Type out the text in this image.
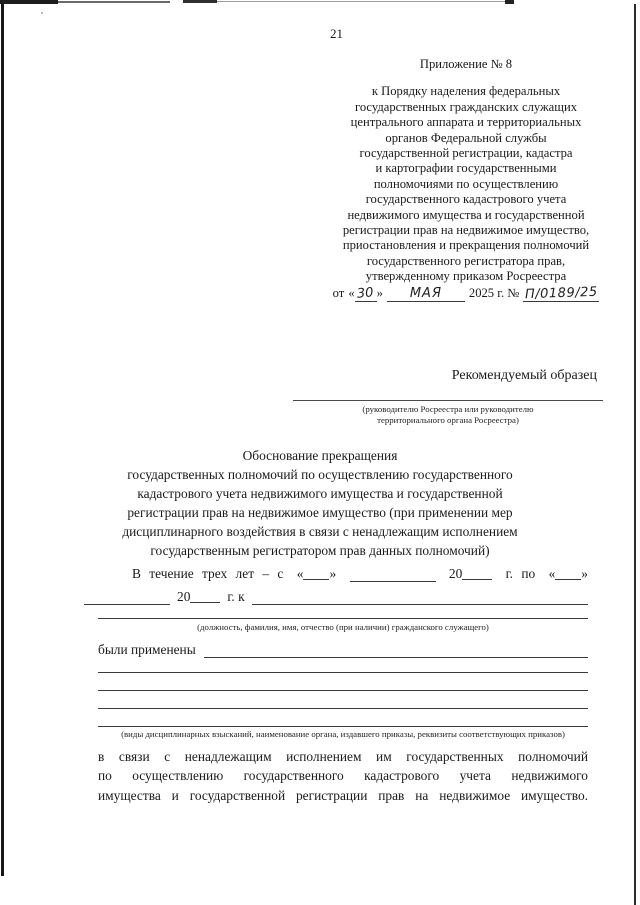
21
Приложение № 8
к Порядку наделения федеральных
государственных гражданских служащих
центрального аппарата и территориальных
органов Федеральной службы
государственной регистрации, кадастра
и картографии государственными
полномочиями по осуществлению
государственного кадастрового учета
недвижимого имущества и государственной
регистрации прав на недвижимое имущество,
приостановления и прекращения полномочий
государственного регистратора прав,
утвержденному приказом Росреестра
от « 30 »	МАЯ	2025 г. № П/0189/25
Рекомендуемый образец
(руководителю Росреестра или руководителю
территориального органа Росреестра)
Обоснование прекращения
государственных полномочий по осуществлению государственного
кадастрового учета недвижимого имущества и государственной
регистрации прав на недвижимое имущество (при применении мер
дисциплинарного воздействия в связи с ненадлежащим исполнением
государственным регистратором прав данных полномочий)
В течение трех лет – с « »	20	г. по « »
20	г. к
(должность, фамилия, имя, отчество (при наличии) гражданского служащего)
были применены
(виды дисциплинарных взысканий, наименование органа, издавшего приказы, реквизиты соответствующих приказов)
в связи с ненадлежащим исполнением им государственных полномочий
по осуществлению государственного кадастрового учета недвижимого
имущества и государственной регистрации прав на недвижимое имущество.
